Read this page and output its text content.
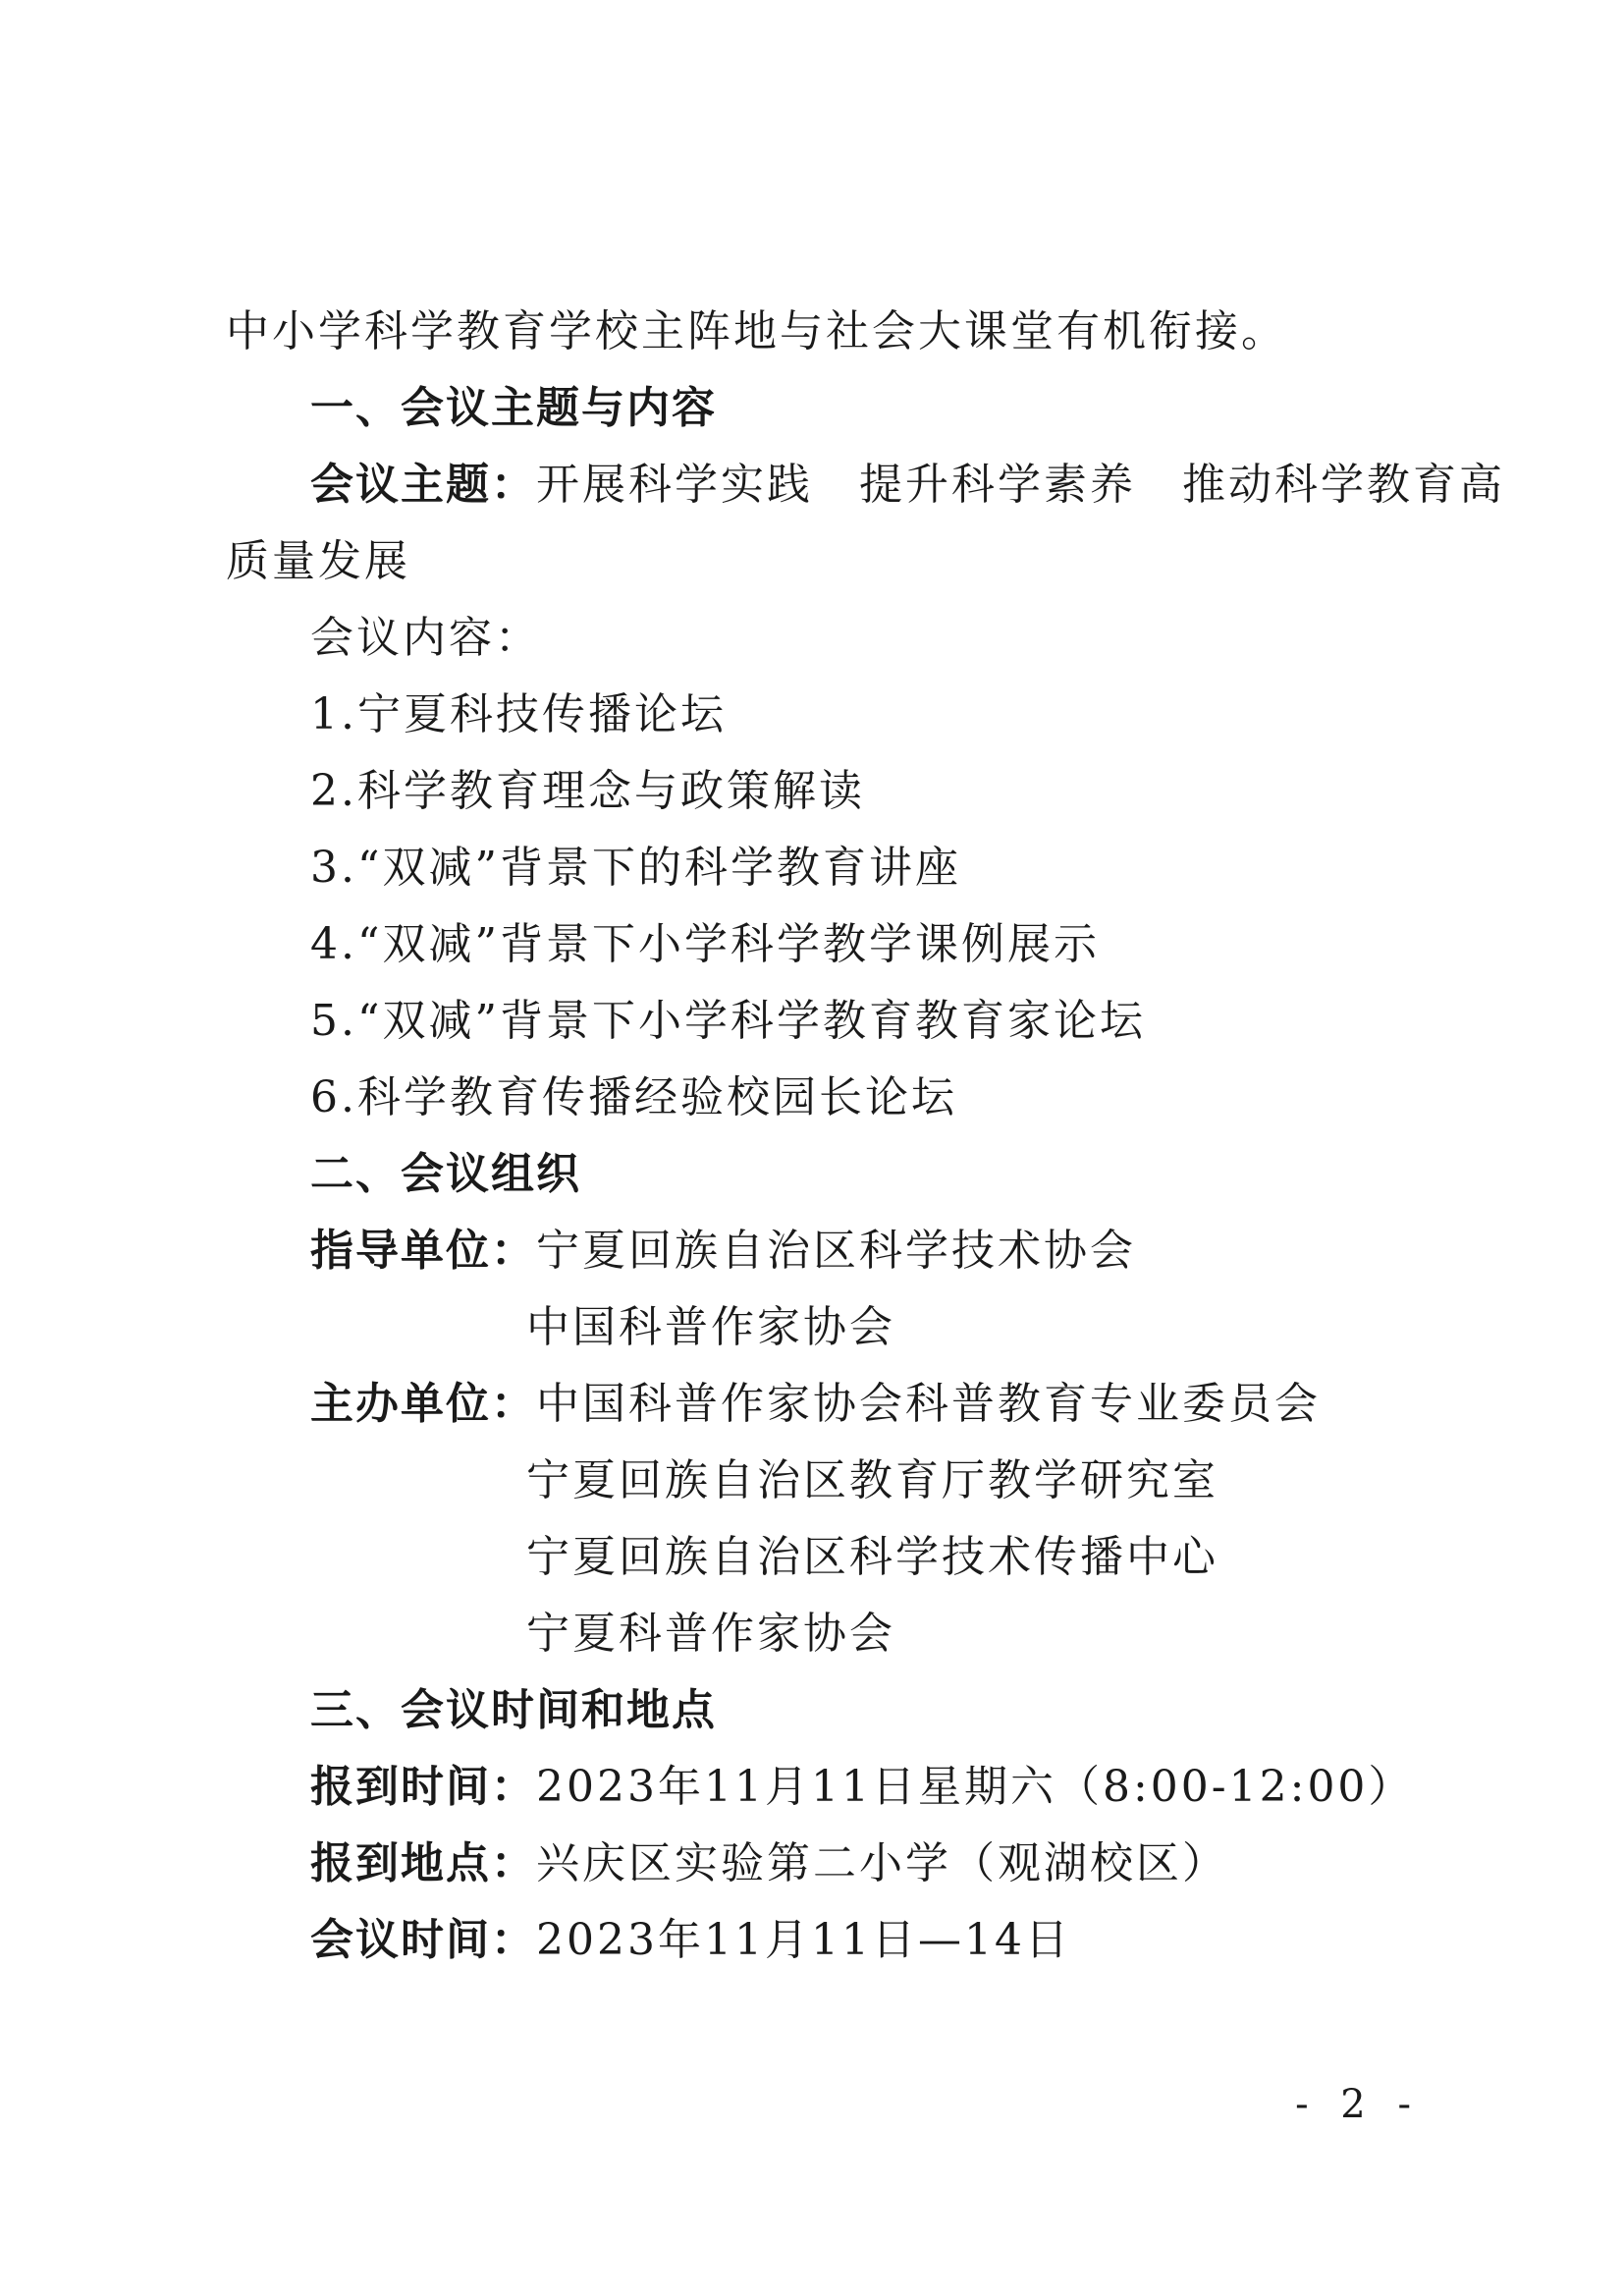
中小学科学教育学校主阵地与社会大课堂有机衔接。
一、会议主题与内容
会议主题：开展科学实践　提升科学素养　推动科学教育高
质量发展
会议内容：
1.宁夏科技传播论坛
2.科学教育理念与政策解读
3.“双减”背景下的科学教育讲座
4.“双减”背景下小学科学教学课例展示
5.“双减”背景下小学科学教育教育家论坛
6.科学教育传播经验校园长论坛
二、会议组织
指导单位：宁夏回族自治区科学技术协会
中国科普作家协会
主办单位：中国科普作家协会科普教育专业委员会
宁夏回族自治区教育厅教学研究室
宁夏回族自治区科学技术传播中心
宁夏科普作家协会
三、会议时间和地点
报到时间：2023年11月11日星期六（8:00-12:00）
报到地点：兴庆区实验第二小学（观湖校区）
会议时间：2023年11月11日—14日
- 2 -
